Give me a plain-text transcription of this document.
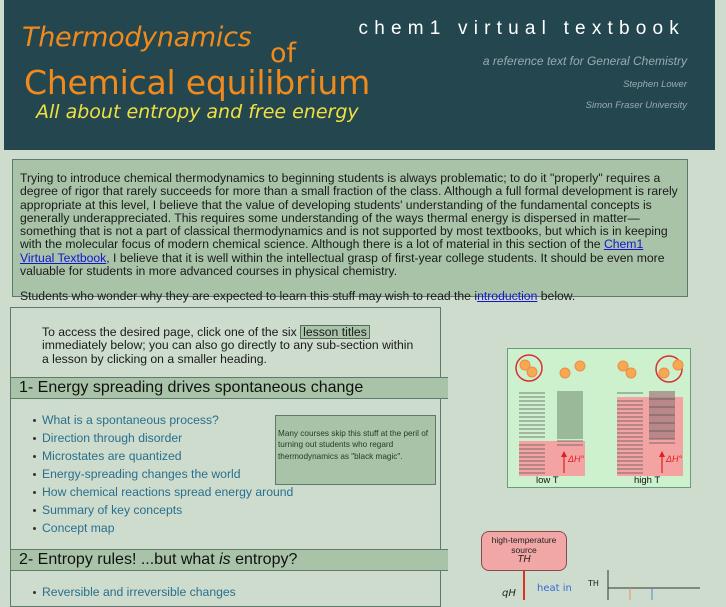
Thermodynamics
of
Chemical equilibrium
All about entropy and free energy
chem1 virtual textbook
a reference text for General Chemistry
Stephen Lower
Simon Fraser University

Trying to introduce chemical thermodynamics to beginning students is always problematic; to do it "properly" requires a degree of rigor that rarely succeeds for more than a small fraction of the class. Although a full formal development is rarely appropriate at this level, I believe that the value of developing students' understanding of the fundamental concepts is generally underappreciated. This requires some understanding of the ways thermal energy is dispersed in matter— something that is not a part of classical thermodynamics and is not supported by most textbooks, but which is in keeping with the molecular focus of modern chemical science. Although there is a lot of material in this section of the Chem1 Virtual Textbook, I believe that it is well within the intellectual grasp of first-year college students. It should be even more valuable for students in more advanced courses in physical chemistry.

Students who wonder why they are expected to learn this stuff may wish to read the introduction below.

To access the desired page, click one of the six lesson titles immediately below; you can also go directly to any sub-section within a lesson by clicking on a smaller heading.
1- Energy spreading drives spontaneous change
What is a spontaneous process?
Direction through disorder
Microstates are quantized
Energy-spreading changes the world
How chemical reactions spread energy around
Summary of key concepts
Concept map
2- Entropy rules! ...but what is entropy?
Reversible and irreversible changes
Many courses skip this stuff at the peril of turning out students who regard thermodynamics as "black magic".	ΔH°	ΔH°
low T	high T
high-temperature
source
TH
heat in
qH
TH
